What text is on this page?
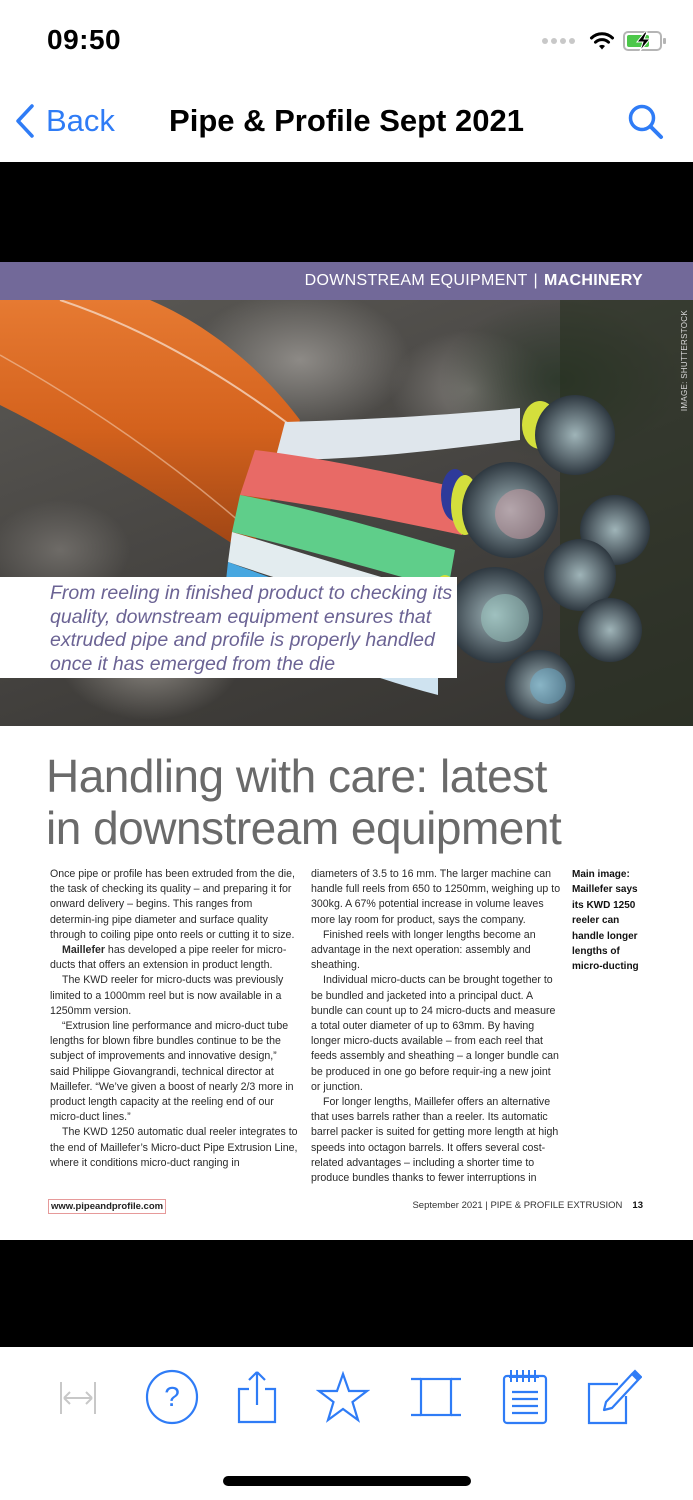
09:50
Back	Pipe & Profile Sept 2021
DOWNSTREAM EQUIPMENT | MACHINERY
IMAGE: SHUTTERSTOCK
From reeling in finished product to checking its quality, downstream equipment ensures that extruded pipe and profile is properly handled once it has emerged from the die
Handling with care: latest
in downstream equipment

Once pipe or profile has been extruded from the die, the task of checking its quality – and preparing it for onward delivery – begins. This ranges from determin-ing pipe diameter and surface quality through to coiling pipe onto reels or cutting it to size.

Maillefer has developed a pipe reeler for micro-ducts that offers an extension in product length.

The KWD reeler for micro-ducts was previously limited to a 1000mm reel but is now available in a 1250mm version.

“Extrusion line performance and micro-duct tube lengths for blown fibre bundles continue to be the subject of improvements and innovative design,” said Philippe Giovangrandi, technical director at Maillefer. “We’ve given a boost of nearly 2/3 more in product length capacity at the reeling end of our micro-duct lines.”

The KWD 1250 automatic dual reeler integrates to the end of Maillefer’s Micro-duct Pipe Extrusion Line, where it conditions micro-duct ranging in

diameters of 3.5 to 16 mm. The larger machine can handle full reels from 650 to 1250mm, weighing up to 300kg. A 67% potential increase in volume leaves more lay room for product, says the company.

Finished reels with longer lengths become an advantage in the next operation: assembly and sheathing.

Individual micro-ducts can be brought together to be bundled and jacketed into a principal duct. A bundle can count up to 24 micro-ducts and measure a total outer diameter of up to 63mm. By having longer micro-ducts available – from each reel that feeds assembly and sheathing – a longer bundle can be produced in one go before requir-ing a new joint or junction.

For longer lengths, Maillefer offers an alternative that uses barrels rather than a reeler. Its automatic barrel packer is suited for getting more length at high speeds into octagon barrels. It offers several cost-related advantages – including a shorter time to produce bundles thanks to fewer interruptions in

Main image: Maillefer says its KWD 1250 reeler can handle longer lengths of micro-ducting
www.pipeandprofile.com	September 2021 | PIPE & PROFILE EXTRUSION 13
?
